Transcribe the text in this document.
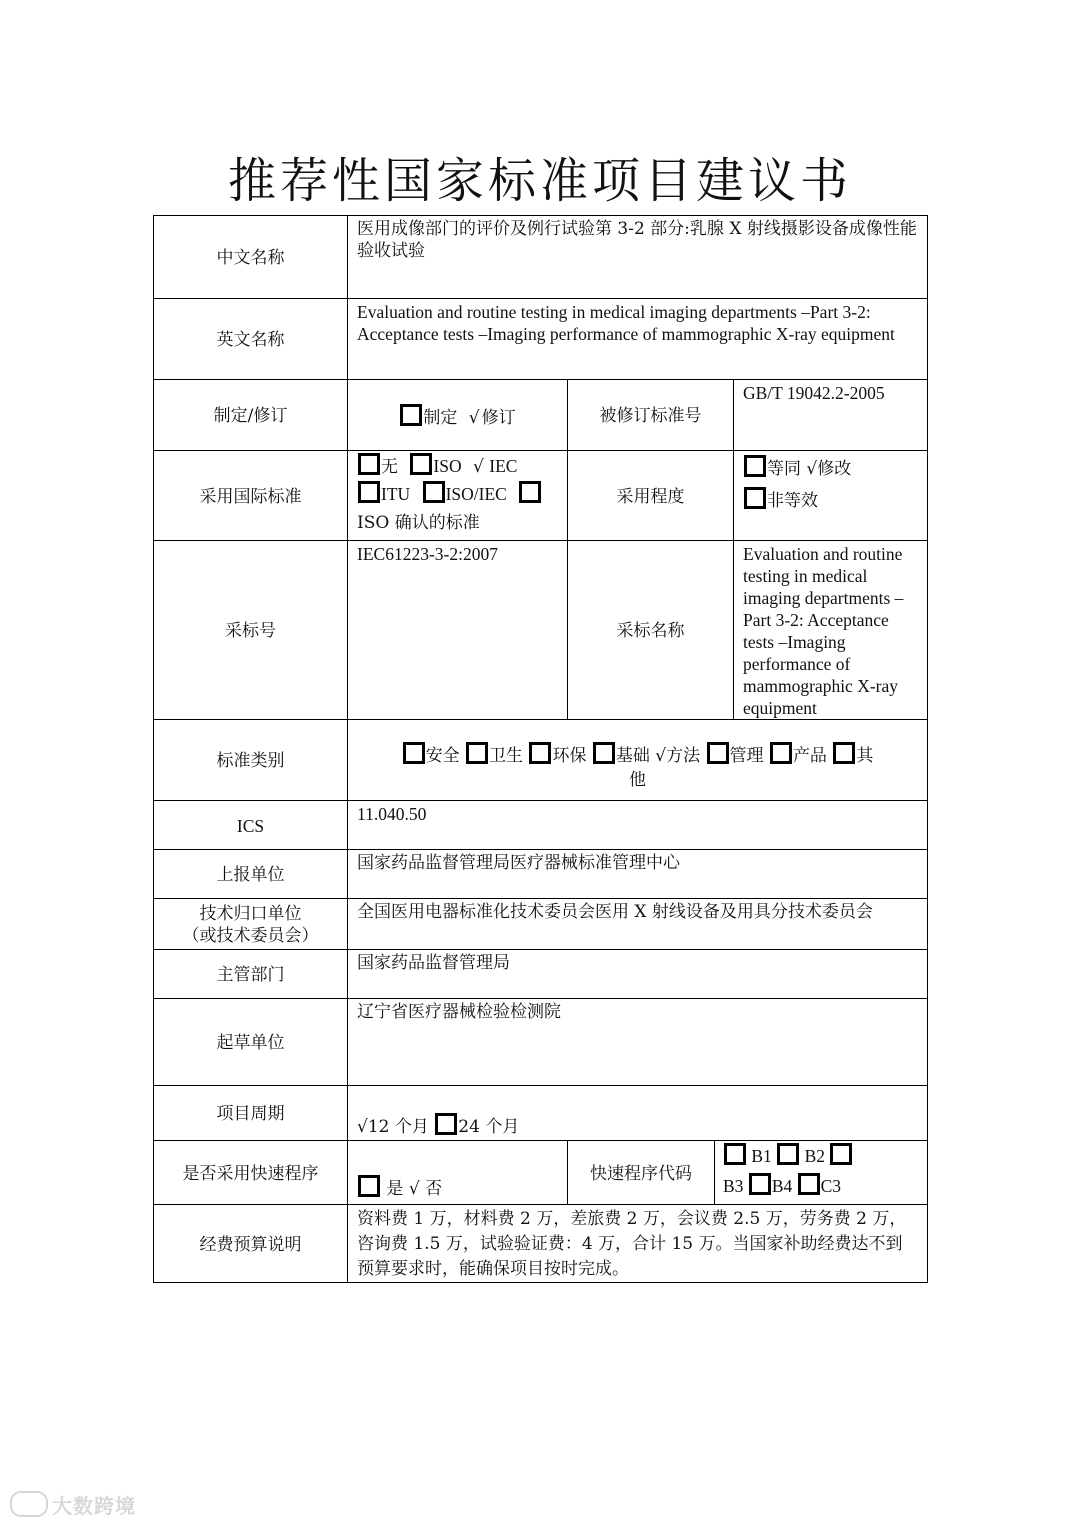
推荐性国家标准项目建议书
中文名称	医用成像部门的评价及例行试验第 3-2 部分:乳腺 X 射线摄影设备成像性能验收试验			
英文名称	Evaluation and routine testing in medical imaging departments –Part 3-2: Acceptance tests –Imaging performance of mammographic X-ray equipment			
制定/修订	制定 √ 修订	被修订标准号		GB/T 19042.2-2005
采用国际标准	无 ISO √ IEC
ITU ISO/IEC
ISO 确认的标准	采用程度		等同 √修改
非等效
采标号	IEC61223-3-2:2007	采标名称		Evaluation and routine testing in medical imaging departments –Part 3-2: Acceptance tests –Imaging performance of mammographic X-ray equipment
标准类别	安全 卫生 环保 基础 √方法 管理 产品 其
他			
ICS	11.040.50			
上报单位	国家药品监督管理局医疗器械标准管理中心			
技术归口单位
（或技术委员会）	全国医用电器标准化技术委员会医用 X 射线设备及用具分技术委员会			
主管部门	国家药品监督管理局			
起草单位	辽宁省医疗器械检验检测院			
项目周期	√12 个月 24 个月			
是否采用快速程序	是 √ 否	快速程序代码	B1 B2
B3 B4 C3	
经费预算说明	资料费 1 万，材料费 2 万，差旅费 2 万，会议费 2.5 万，劳务费 2 万，咨询费 1.5 万，试验验证费：4 万，合计 15 万。当国家补助经费达不到预算要求时，能确保项目按时完成。			
大数跨境
